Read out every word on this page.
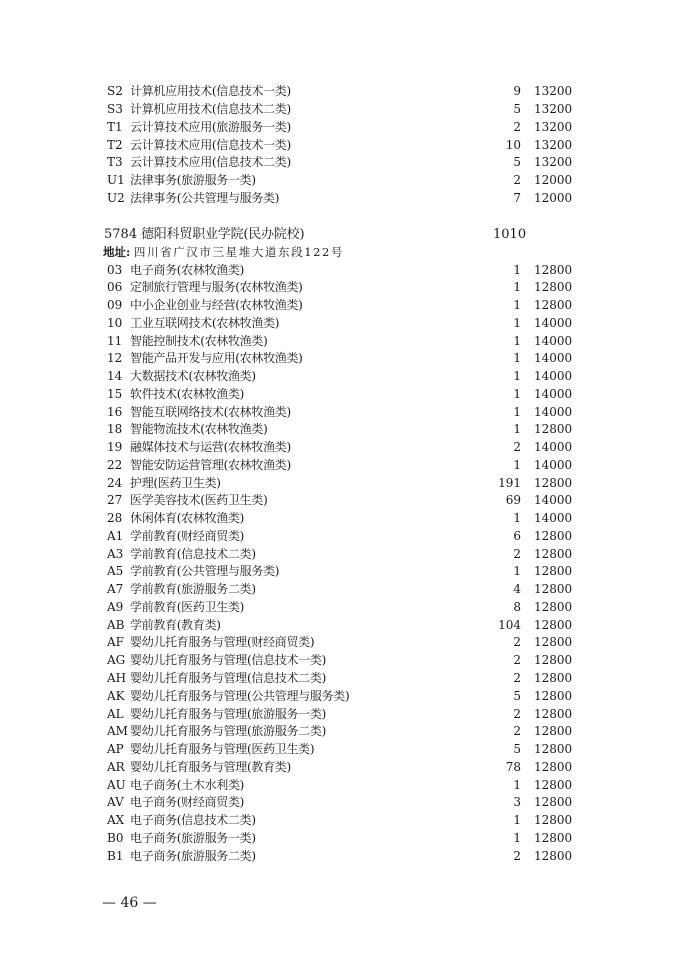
S2 计算机应用技术(信息技术一类)	9 13200
S3 计算机应用技术(信息技术二类)	5 13200
T1 云计算技术应用(旅游服务一类)	2 13200
T2 云计算技术应用(信息技术一类)	10 13200
T3 云计算技术应用(信息技术二类)	5 13200
U1 法律事务(旅游服务一类)	2 12000
U2 法律事务(公共管理与服务类)	7 12000
5784 德阳科贸职业学院(民办院校)	1010
地址: 四川省广汉市三星堆大道东段122号
03 电子商务(农林牧渔类)	1 12800
06 定制旅行管理与服务(农林牧渔类)	1 12800
09 中小企业创业与经营(农林牧渔类)	1 12800
10 工业互联网技术(农林牧渔类)	1 14000
11 智能控制技术(农林牧渔类)	1 14000
12 智能产品开发与应用(农林牧渔类)	1 14000
14 大数据技术(农林牧渔类)	1 14000
15 软件技术(农林牧渔类)	1 14000
16 智能互联网络技术(农林牧渔类)	1 14000
18 智能物流技术(农林牧渔类)	1 12800
19 融媒体技术与运营(农林牧渔类)	2 14000
22 智能安防运营管理(农林牧渔类)	1 14000
24 护理(医药卫生类)	191 12800
27 医学美容技术(医药卫生类)	69 14000
28 休闲体育(农林牧渔类)	1 14000
A1 学前教育(财经商贸类)	6 12800
A3 学前教育(信息技术二类)	2 12800
A5 学前教育(公共管理与服务类)	1 12800
A7 学前教育(旅游服务二类)	4 12800
A9 学前教育(医药卫生类)	8 12800
AB 学前教育(教育类)	104 12800
AF 婴幼儿托育服务与管理(财经商贸类)	2 12800
AG 婴幼儿托育服务与管理(信息技术一类)	2 12800
AH 婴幼儿托育服务与管理(信息技术二类)	2 12800
AK 婴幼儿托育服务与管理(公共管理与服务类)	5 12800
AL 婴幼儿托育服务与管理(旅游服务一类)	2 12800
AM 婴幼儿托育服务与管理(旅游服务二类)	2 12800
AP 婴幼儿托育服务与管理(医药卫生类)	5 12800
AR 婴幼儿托育服务与管理(教育类)	78 12800
AU 电子商务(土木水利类)	1 12800
AV 电子商务(财经商贸类)	3 12800
AX 电子商务(信息技术二类)	1 12800
B0 电子商务(旅游服务一类)	1 12800
B1 电子商务(旅游服务二类)	2 12800
— 46 —
